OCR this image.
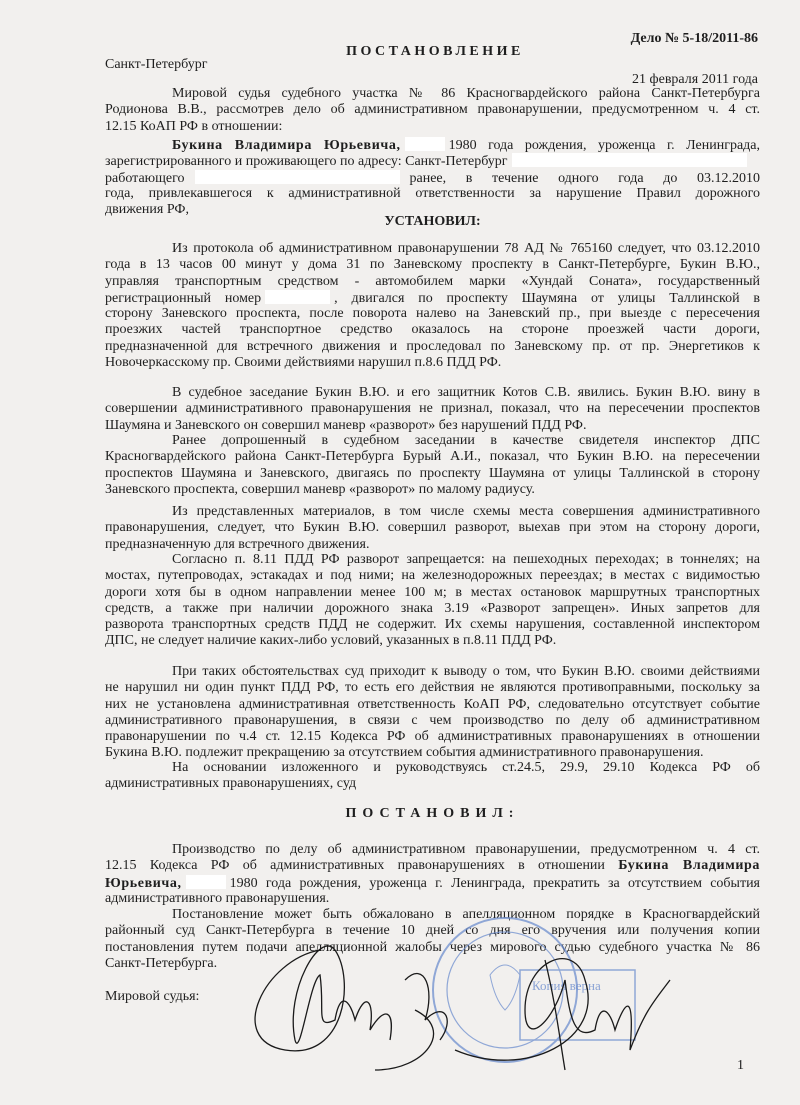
Дело № 5-18/2011-86
ПОСТАНОВЛЕНИЕ
Санкт-Петербург
21 февраля 2011 года
Мировой судья судебного участка № 86 Красногвардейского района Санкт-Петербурга
Родионова В.В., рассмотрев дело об административном правонарушении, предусмотренном ч. 4 ст.
12.15 КоАП РФ в отношении:
Букина Владимира Юрьевича,	1980 года рождения, уроженца г. Ленинграда,
зарегистрированного и проживающего по адресу: Санкт-Петербург
работающего	ранее, в течение одного года до 03.12.2010
года, привлекавшегося к административной ответственности за нарушение Правил дорожного
движения РФ,
УСТАНОВИЛ:
Из протокола об административном правонарушении 78 АД № 765160 следует, что 03.12.2010
года в 13 часов 00 минут у дома 31 по Заневскому проспекту в Санкт-Петербурге, Букин В.Ю.,
управляя транспортным средством - автомобилем марки «Хундай Соната», государственный
регистрационный номер	, двигался по проспекту Шаумяна от улицы Таллинской в
сторону Заневского проспекта, после поворота налево на Заневский пр., при выезде с пересечения
проезжих частей транспортное средство оказалось на стороне проезжей части дороги,
предназначенной для встречного движения и проследовал по Заневскому пр. от пр. Энергетиков к
Новочеркасскому пр. Своими действиями нарушил п.8.6 ПДД РФ.
В судебное заседание Букин В.Ю. и его защитник Котов С.В. явились. Букин В.Ю. вину в
совершении административного правонарушения не признал, показал, что на пересечении проспектов
Шаумяна и Заневского он совершил маневр «разворот» без нарушений ПДД РФ.
Ранее допрошенный в судебном заседании в качестве свидетеля инспектор ДПС
Красногвардейского района Санкт-Петербурга Бурый А.И., показал, что Букин В.Ю. на пересечении
проспектов Шаумяна и Заневского, двигаясь по проспекту Шаумяна от улицы Таллинской в сторону
Заневского проспекта, совершил маневр «разворот» по малому радиусу.
Из представленных материалов, в том числе схемы места совершения административного
правонарушения, следует, что Букин В.Ю. совершил разворот, выехав при этом на сторону дороги,
предназначенную для встречного движения.
Согласно п. 8.11 ПДД РФ разворот запрещается: на пешеходных переходах; в тоннелях; на
мостах, путепроводах, эстакадах и под ними; на железнодорожных переездах; в местах с видимостью
дороги хотя бы в одном направлении менее 100 м; в местах остановок маршрутных транспортных
средств, а также при наличии дорожного знака 3.19 «Разворот запрещен». Иных запретов для
разворота транспортных средств ПДД не содержит. Их схемы нарушения, составленной инспектором
ДПС, не следует наличие каких-либо условий, указанных в п.8.11 ПДД РФ.
При таких обстоятельствах суд приходит к выводу о том, что Букин В.Ю. своими действиями
не нарушил ни один пункт ПДД РФ, то есть его действия не являются противоправными, поскольку за
них не установлена административная ответственность КоАП РФ, следовательно отсутствует событие
административного правонарушения, в связи с чем производство по делу об административном
правонарушении по ч.4 ст. 12.15 Кодекса РФ об административных правонарушениях в отношении
Букина В.Ю. подлежит прекращению за отсутствием события административного правонарушения.
На основании изложенного и руководствуясь ст.24.5, 29.9, 29.10 Кодекса РФ об
административных правонарушениях, суд
ПОСТАНОВИЛ:
Производство по делу об административном правонарушении, предусмотренном ч. 4 ст.
12.15 Кодекса РФ об административных правонарушениях в отношении Букина Владимира
Юрьевича,	1980 года рождения, уроженца г. Ленинграда, прекратить за отсутствием события
административного правонарушения.
Постановление может быть обжаловано в апелляционном порядке в Красногвардейский
районный суд Санкт-Петербурга в течение 10 дней со дня его вручения или получения копии
постановления путем подачи апелляционной жалобы через мирового судью судебного участка № 86
Санкт-Петербурга.
Копия верна
Мировой судья:
1
